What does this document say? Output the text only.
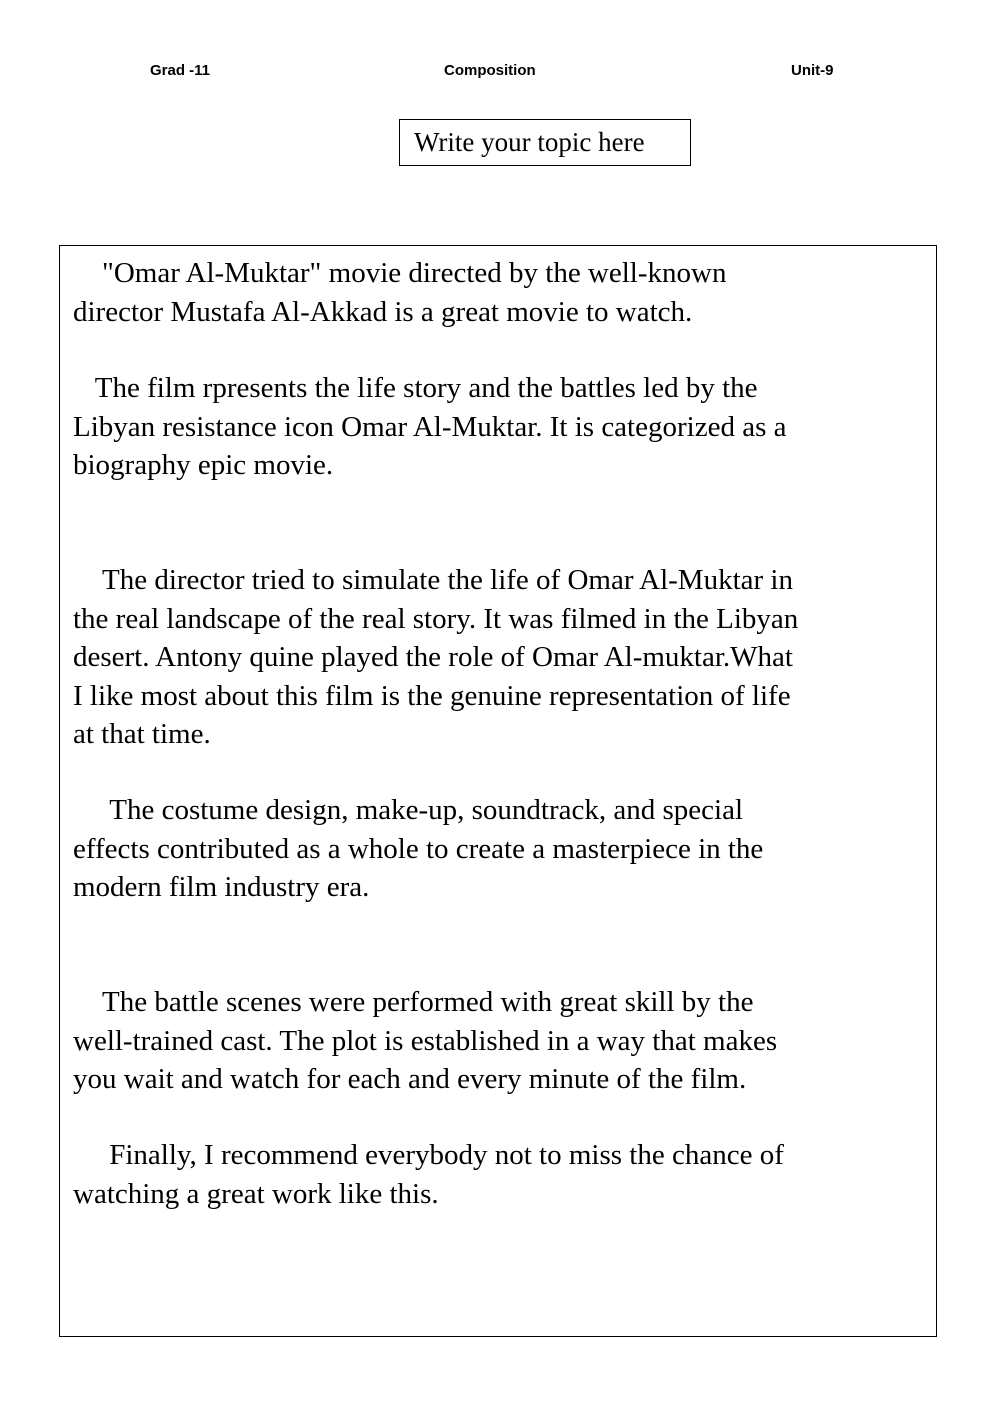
Grad -11	Composition	Unit-9
Write your topic here

"Omar Al-Muktar" movie directed by the well-known
director Mustafa Al-Akkad is a great movie to watch.

The film rpresents the life story and the battles led by the
Libyan resistance icon Omar Al-Muktar. It is categorized as a
biography epic movie.

The director tried to simulate the life of Omar Al-Muktar in
the real landscape of the real story. It was filmed in the Libyan
desert. Antony quine played the role of Omar Al-muktar.What
I like most about this film is the genuine representation of life
at that time.

The costume design, make-up, soundtrack, and special
effects contributed as a whole to create a masterpiece in the
modern film industry era.

The battle scenes were performed with great skill by the
well-trained cast. The plot is established in a way that makes
you wait and watch for each and every minute of the film.

Finally, I recommend everybody not to miss the chance of
watching a great work like this.
